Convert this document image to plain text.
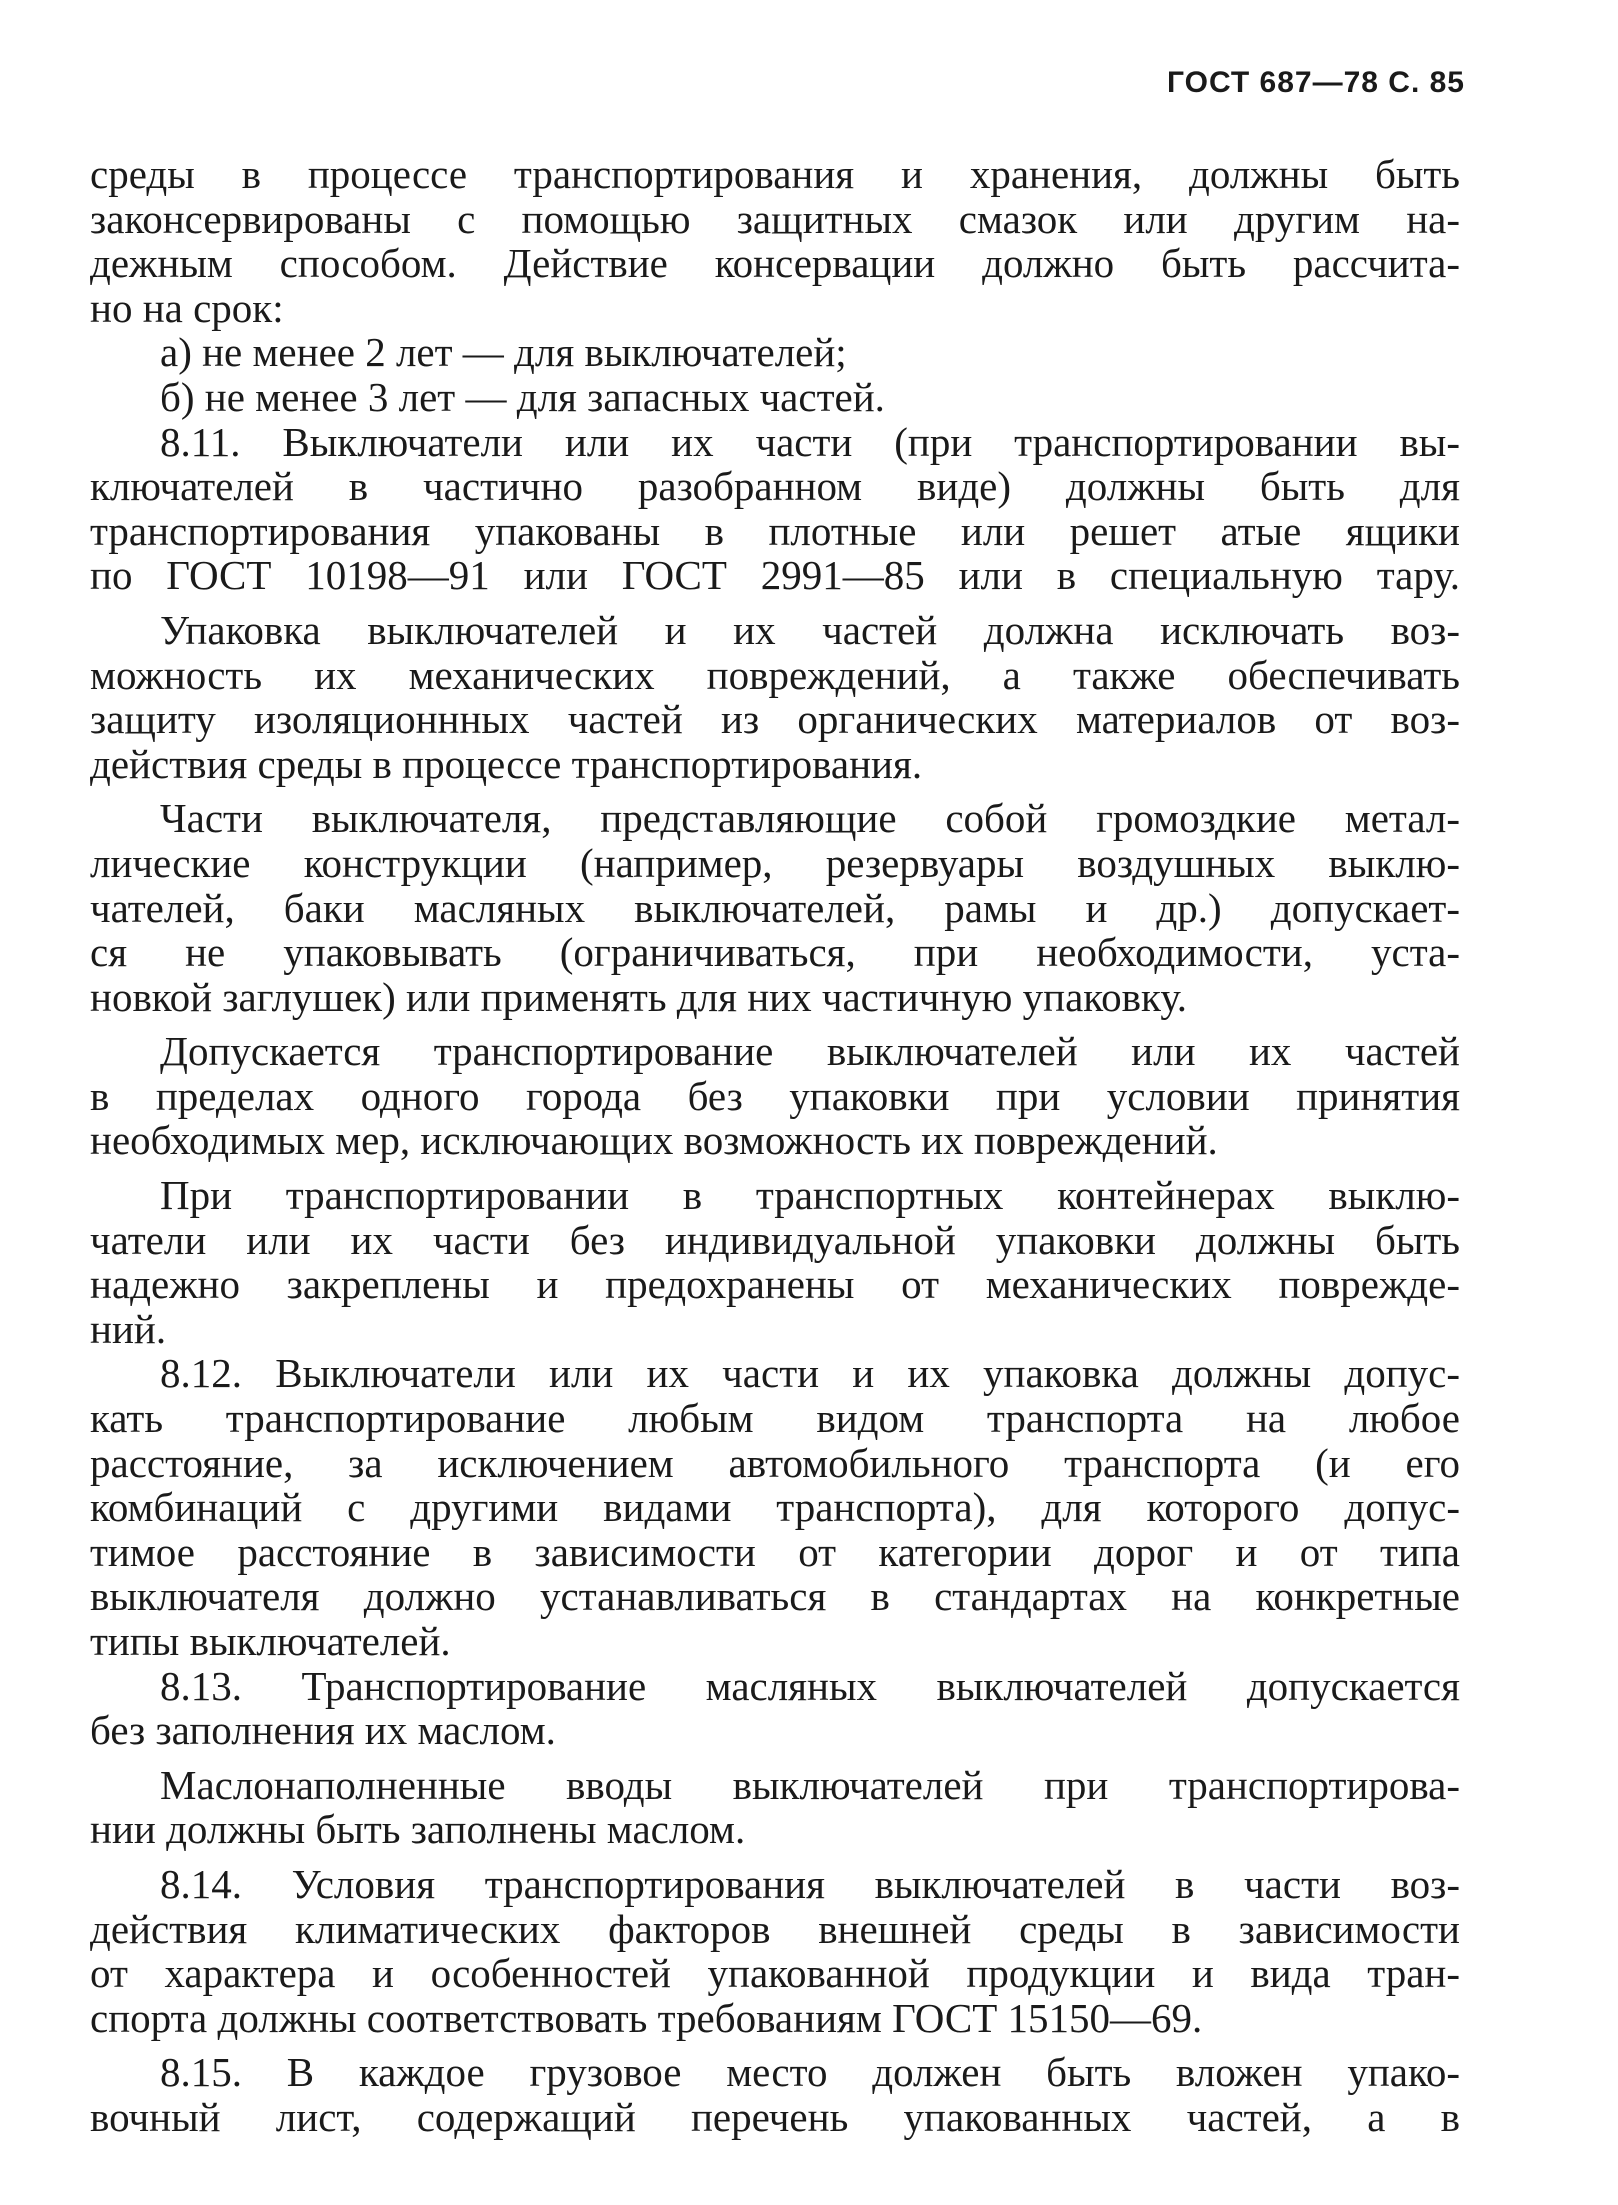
ГОСТ 687—78 С. 85
среды в процессе транспортирования и хранения, должны быть
законсервированы с помощью защитных смазок или другим на-
дежным способом. Действие консервации должно быть рассчита-
но на срок:
а) не менее 2 лет — для выключателей;
б) не менее 3 лет — для запасных частей.
8.11. Выключатели или их части (при транспортировании вы-
ключателей в частично разобранном виде) должны быть для
транспортирования упакованы в плотные или решет атые ящики
по ГОСТ 10198—91 или ГОСТ 2991—85 или в специальную тару.
Упаковка выключателей и их частей должна исключать воз-
можность их механических повреждений, а также обеспечивать
защиту изоляционнных частей из органических материалов от воз-
действия среды в процессе транспортирования.
Части выключателя, представляющие собой громоздкие метал-
лические конструкции (например, резервуары воздушных выклю-
чателей, баки масляных выключателей, рамы и др.) допускает-
ся не упаковывать (ограничиваться, при необходимости, уста-
новкой заглушек) или применять для них частичную упаковку.
Допускается транспортирование выключателей или их частей
в пределах одного города без упаковки при условии принятия
необходимых мер, исключающих возможность их повреждений.
При транспортировании в транспортных контейнерах выклю-
чатели или их части без индивидуальной упаковки должны быть
надежно закреплены и предохранены от механических поврежде-
ний.
8.12. Выключатели или их части и их упаковка должны допус-
кать транспортирование любым видом транспорта на любое
расстояние, за исключением автомобильного транспорта (и его
комбинаций с другими видами транспорта), для которого допус-
тимое расстояние в зависимости от категории дорог и от типа
выключателя должно устанавливаться в стандартах на конкретные
типы выключателей.
8.13. Транспортирование масляных выключателей допускается
без заполнения их маслом.
Маслонаполненные вводы выключателей при транспортирова-
нии должны быть заполнены маслом.
8.14. Условия транспортирования выключателей в части воз-
действия климатических факторов внешней среды в зависимости
от характера и особенностей упакованной продукции и вида тран-
спорта должны соответствовать требованиям ГОСТ 15150—69.
8.15. В каждое грузовое место должен быть вложен упако-
вочный лист, содержащий перечень упакованных частей, а в
